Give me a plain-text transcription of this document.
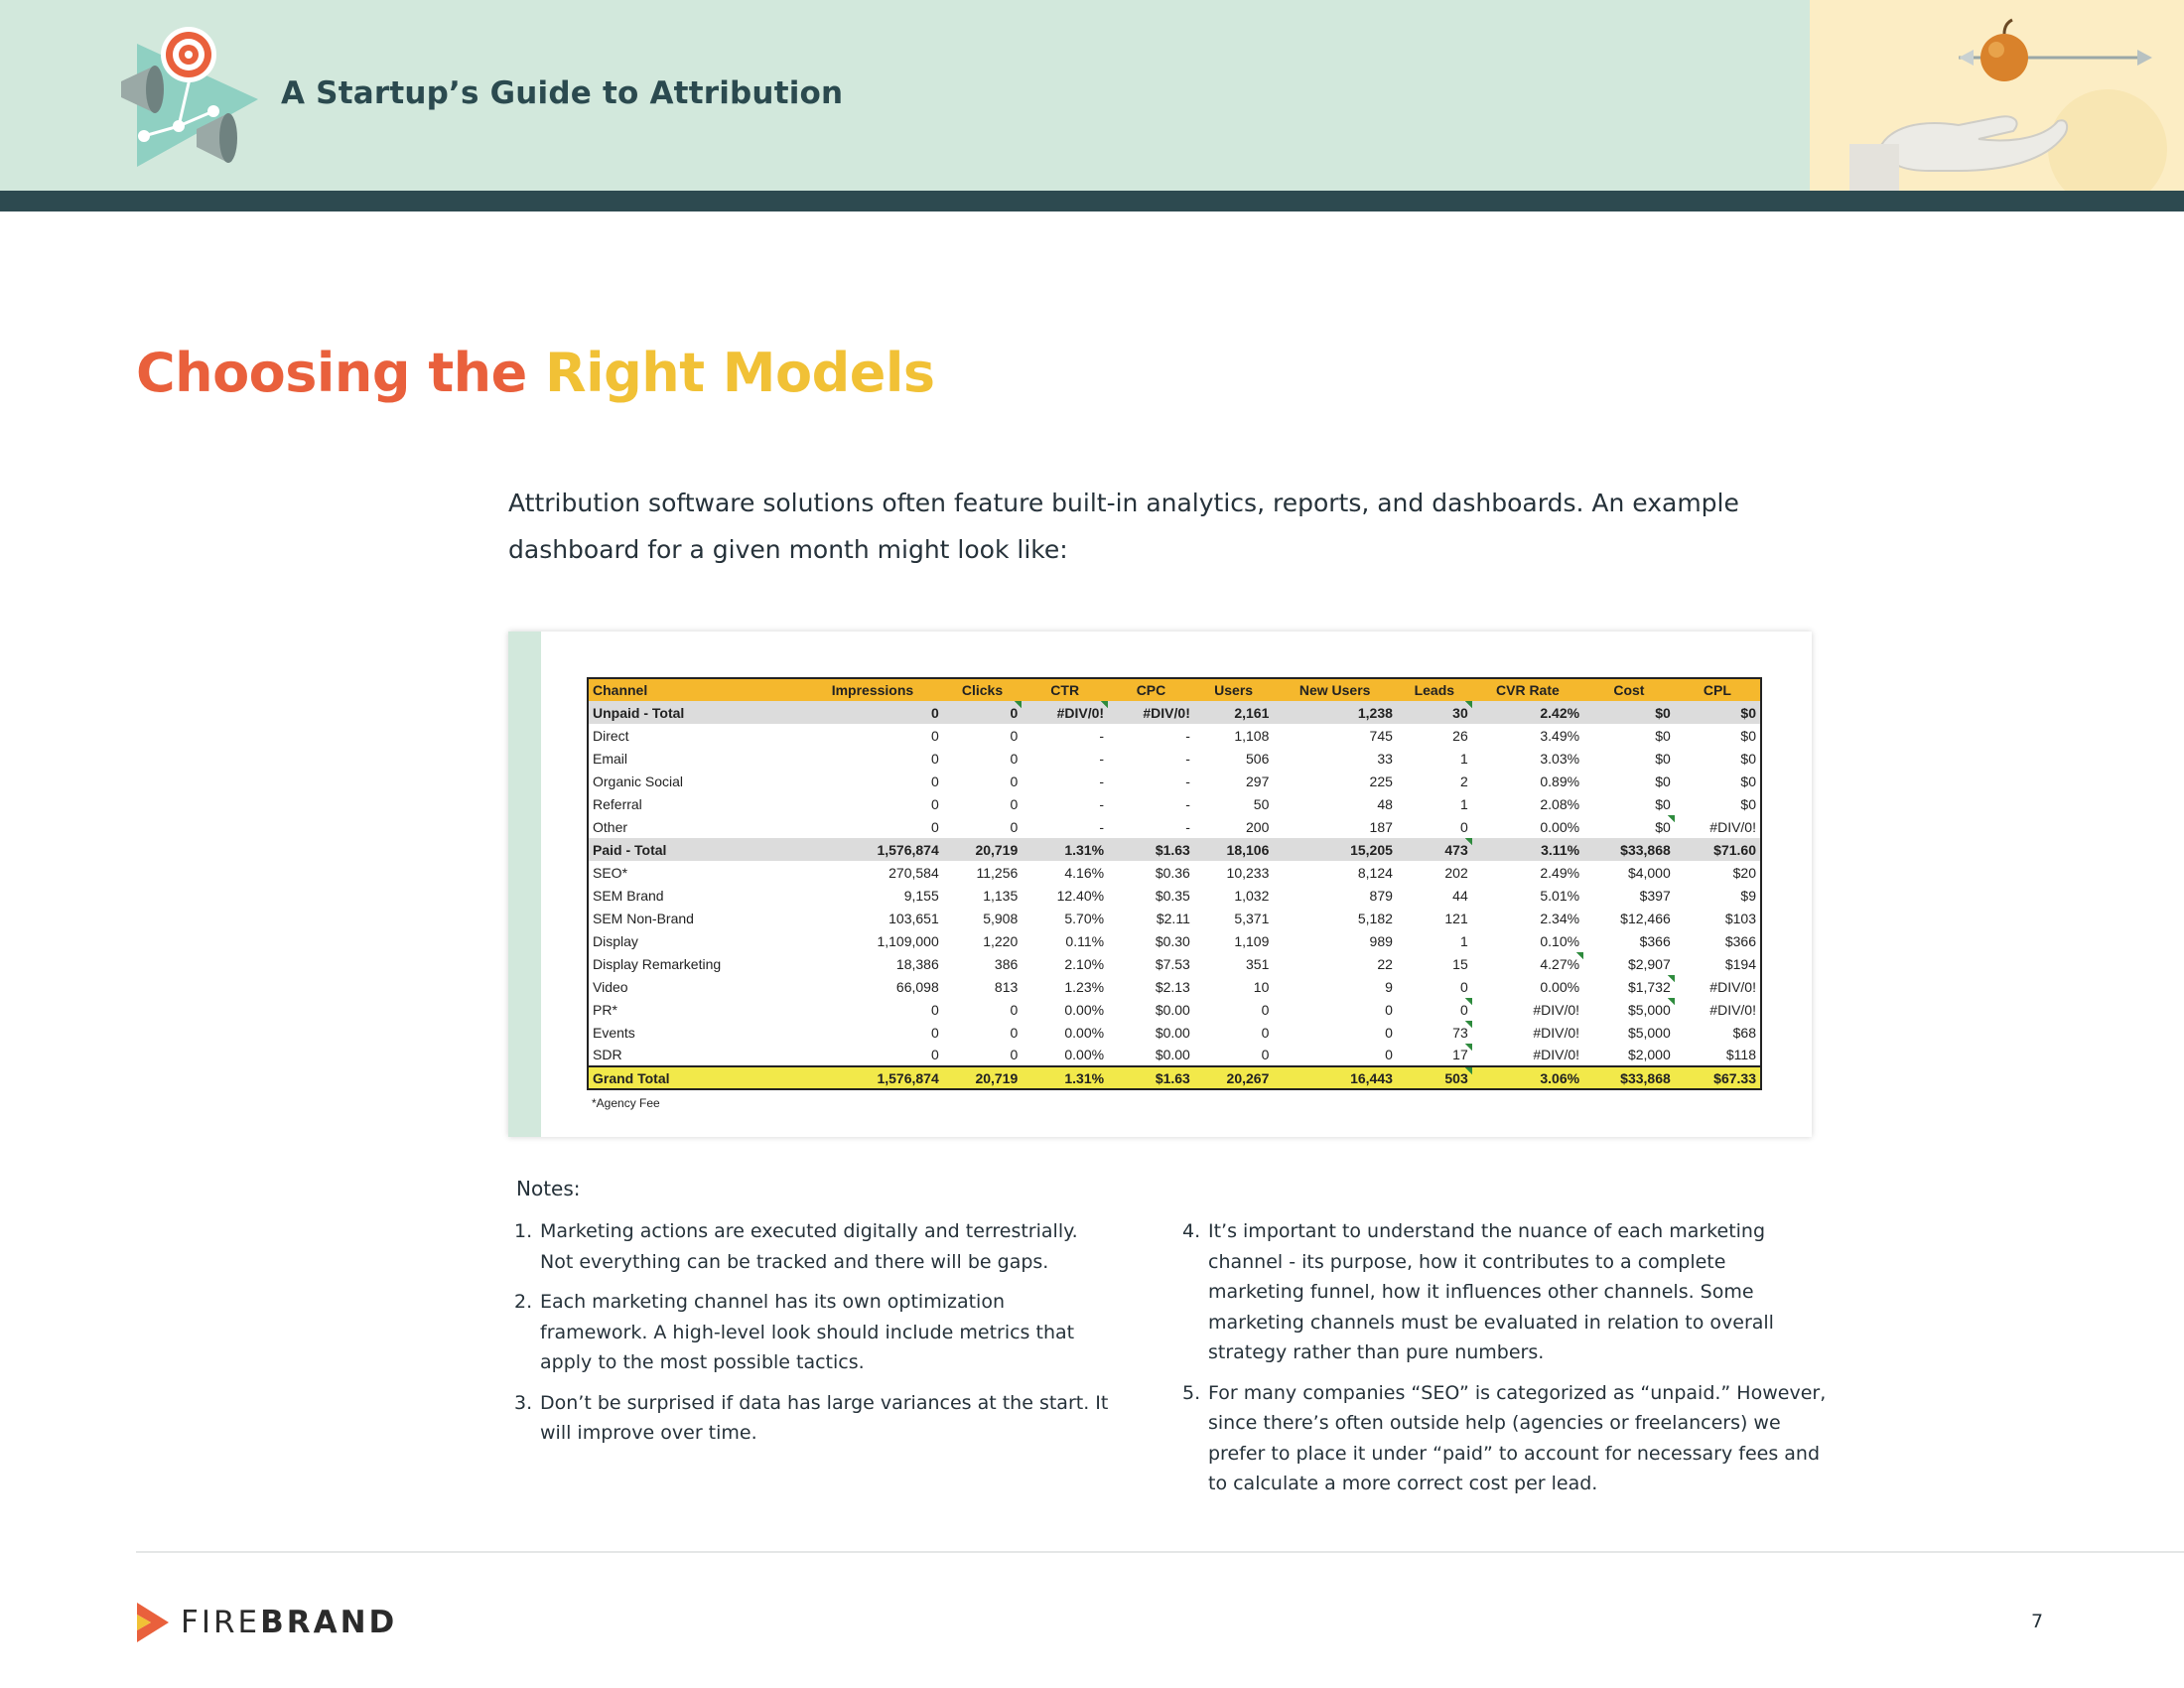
A Startup’s Guide to Attribution
Choosing the Right Models

Attribution software solutions often feature built-in analytics, reports, and dashboards. An example dashboard for a given month might look like:

Channel	Impressions	Clicks	CTR	CPC	Users	New Users	Leads	CVR Rate	Cost	CPL
Unpaid - Total	0	0	#DIV/0!	#DIV/0!	2,161	1,238	30	2.42%	$0	$0
Direct	0	0	-	-	1,108	745	26	3.49%	$0	$0
Email	0	0	-	-	506	33	1	3.03%	$0	$0
Organic Social	0	0	-	-	297	225	2	0.89%	$0	$0
Referral	0	0	-	-	50	48	1	2.08%	$0	$0
Other	0	0	-	-	200	187	0	0.00%	$0	#DIV/0!
Paid - Total	1,576,874	20,719	1.31%	$1.63	18,106	15,205	473	3.11%	$33,868	$71.60
SEO*	270,584	11,256	4.16%	$0.36	10,233	8,124	202	2.49%	$4,000	$20
SEM Brand	9,155	1,135	12.40%	$0.35	1,032	879	44	5.01%	$397	$9
SEM Non-Brand	103,651	5,908	5.70%	$2.11	5,371	5,182	121	2.34%	$12,466	$103
Display	1,109,000	1,220	0.11%	$0.30	1,109	989	1	0.10%	$366	$366
Display Remarketing	18,386	386	2.10%	$7.53	351	22	15	4.27%	$2,907	$194
Video	66,098	813	1.23%	$2.13	10	9	0	0.00%	$1,732	#DIV/0!
PR*	0	0	0.00%	$0.00	0	0	0	#DIV/0!	$5,000	#DIV/0!
Events	0	0	0.00%	$0.00	0	0	73	#DIV/0!	$5,000	$68
SDR	0	0	0.00%	$0.00	0	0	17	#DIV/0!	$2,000	$118
Grand Total	1,576,874	20,719	1.31%	$1.63	20,267	16,443	503	3.06%	$33,868	$67.33
*Agency Fee
Notes:
1. Marketing actions are executed digitally and terrestrially. Not everything can be tracked and there will be gaps.
2. Each marketing channel has its own optimization framework. A high-level look should include metrics that apply to the most possible tactics.
3. Don’t be surprised if data has large variances at the start. It will improve over time.
4. It’s important to understand the nuance of each marketing channel - its purpose, how it contributes to a complete marketing funnel, how it influences other channels. Some marketing channels must be evaluated in relation to overall strategy rather than pure numbers.
5. For many companies “SEO” is categorized as “unpaid.” However, since there’s often outside help (agencies or freelancers) we prefer to place it under “paid” to account for necessary fees and to calculate a more correct cost per lead.
FIREBRAND	7
